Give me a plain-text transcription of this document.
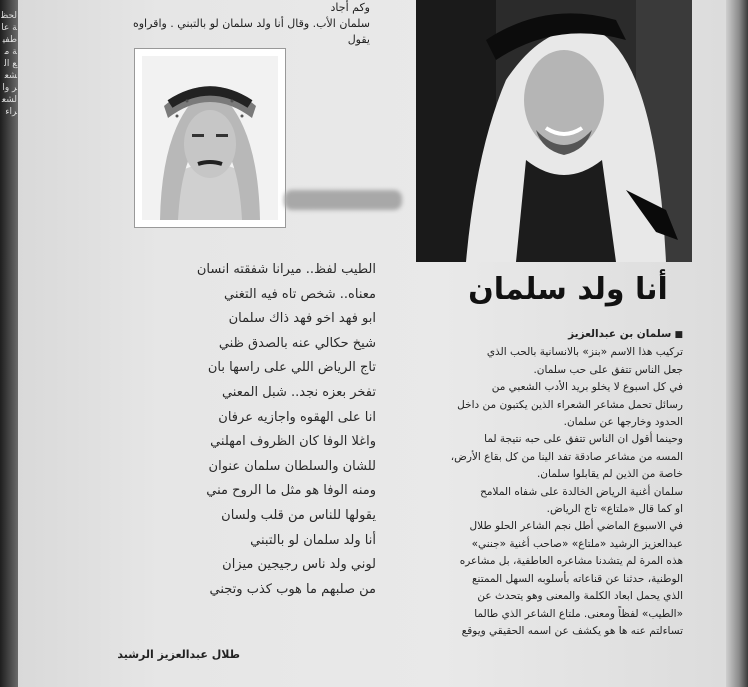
لحظة عاطفية مع الشعر والشعراء
وكم أجاد
سلمان الأب. وقال أنا ولد سلمان لو بالتبني . واقراوه
يقول
أنا ولد سلمان
■ سلمان بن عبدالعزيز
تركيب هذا الاسم «بنز» بالانسانية بالحب الذي
جعل الناس تتفق على حب سلمان.
في كل اسبوع لا يخلو بريد الأدب الشعبي من
رسائل تحمل مشاعر الشعراء الذين يكتبون من داخل
الحدود وخارجها عن سلمان.
وحينما أقول ان الناس تتفق على حبه نتيجة لما
المسه من مشاعر صادقة تفد الينا من كل بقاع الأرض،
خاصة من الذين لم يقابلوا سلمان.
سلمان أغنية الرياض الخالدة على شفاه الملامح
او كما قال «ملتاع» تاج الرياض.
في الاسبوع الماضي أطل نجم الشاعر الحلو طلال
عبدالعزيز الرشيد «ملتاع» «صاحب أغنية «جنني»
هذه المرة لم يتشدنا مشاعره العاطفية، بل مشاعره
الوطنية، حدثنا عن قناعاته بأسلوبه السهل الممتنع
الذي يحمل ابعاد الكلمة والمعنى وهو يتحدث عن
«الطيب» لفظاً ومعنى. ملتاع الشاعر الذي طالما
تساءلتم عنه ها هو يكشف عن اسمه الحقيقي ويوقع
الطيب لفظ.. ميرانا شفقته انسان
معناه.. شخص تاه فيه التغني
ابو فهد اخو فهد ذاك سلمان
شيخ حكالي عنه بالصدق ظني
تاج الرياض اللي على راسها بان
تفخر بعزه نجد.. شبل المعني
انا على الهقوه واجازيه عرفان
واغلا الوفا كان الظروف امهلني
للشان والسلطان سلمان عنوان
ومنه الوفا هو مثل ما الروح مني
يقولها للناس من قلب ولسان
أنا ولد سلمان لو بالتبني
لوني ولد ناس رجيجين ميزان
من صلبهم ما هوب كذب وتجني
طلال عبدالعزيز الرشيد
